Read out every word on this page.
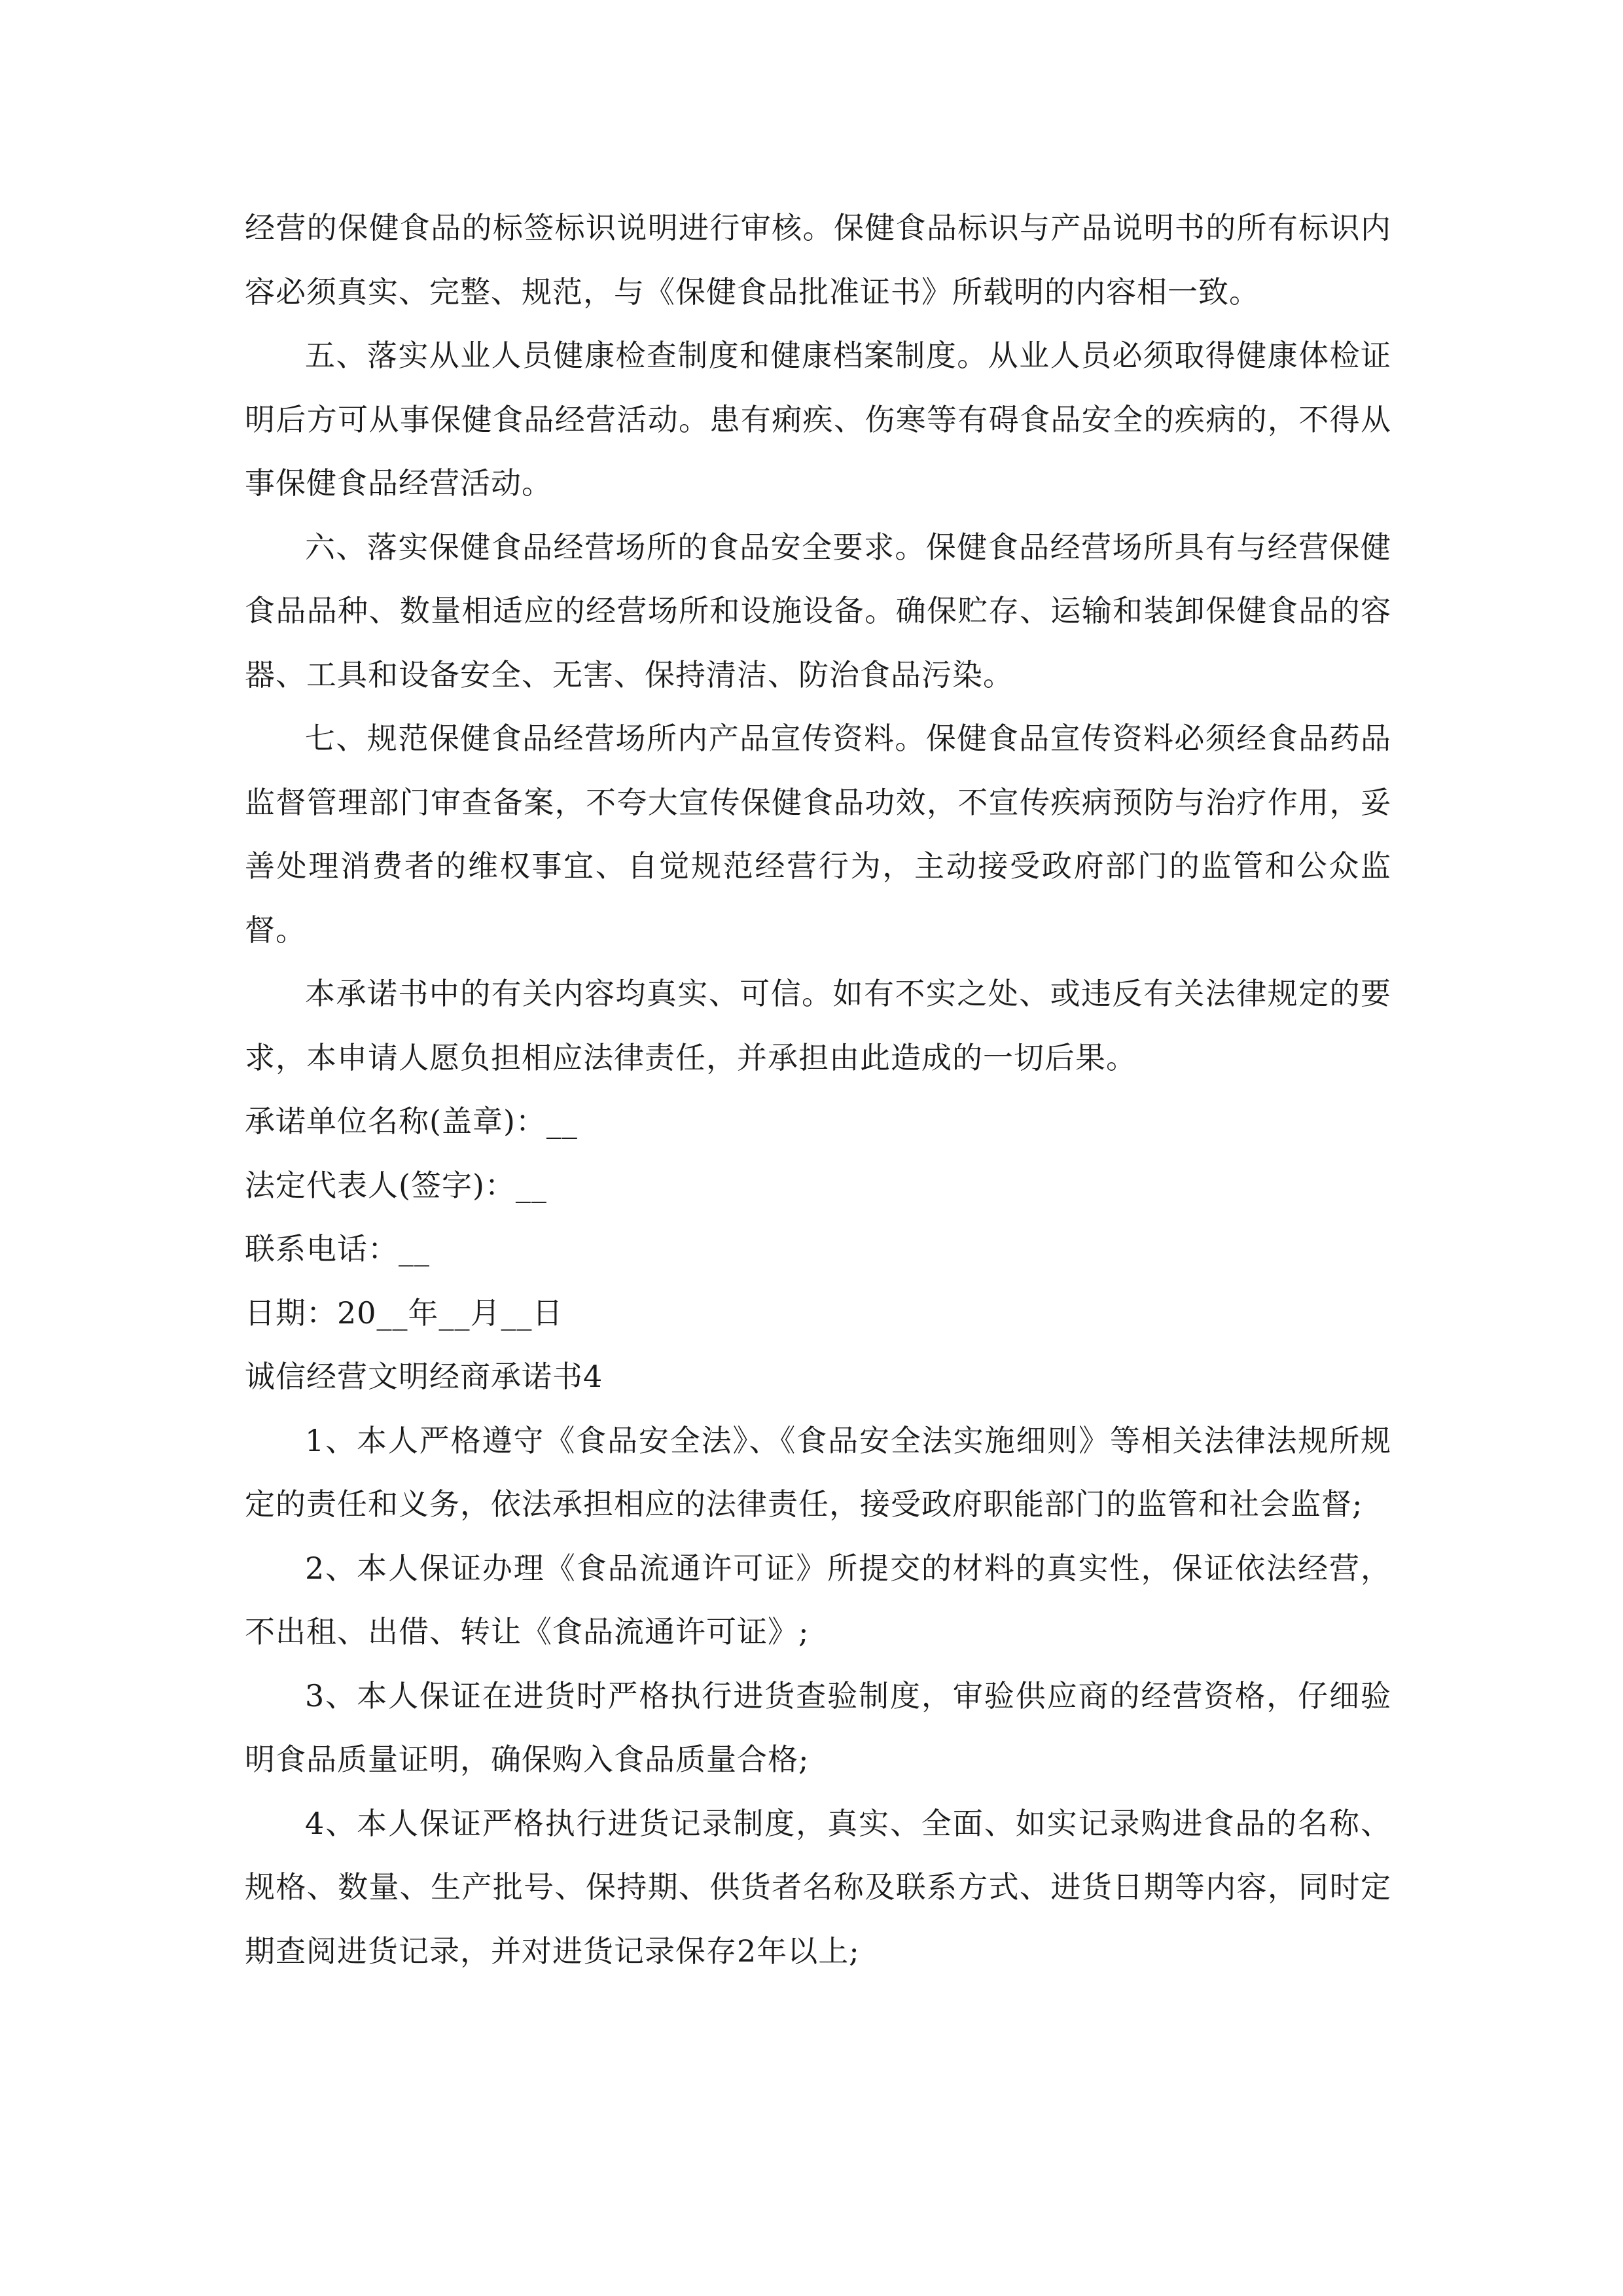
经营的保健食品的标签标识说明进行审核。保健食品标识与产品说明书的所有标识内容必须真实、完整、规范，与《保健食品批准证书》所载明的内容相一致。

五、落实从业人员健康检查制度和健康档案制度。从业人员必须取得健康体检证明后方可从事保健食品经营活动。患有痢疾、伤寒等有碍食品安全的疾病的，不得从事保健食品经营活动。

六、落实保健食品经营场所的食品安全要求。保健食品经营场所具有与经营保健食品品种、数量相适应的经营场所和设施设备。确保贮存、运输和装卸保健食品的容器、工具和设备安全、无害、保持清洁、防治食品污染。

七、规范保健食品经营场所内产品宣传资料。保健食品宣传资料必须经食品药品监督管理部门审查备案，不夸大宣传保健食品功效，不宣传疾病预防与治疗作用，妥善处理消费者的维权事宜、自觉规范经营行为，主动接受政府部门的监管和公众监督。

本承诺书中的有关内容均真实、可信。如有不实之处、或违反有关法律规定的要求，本申请人愿负担相应法律责任，并承担由此造成的一切后果。

承诺单位名称(盖章)：__

法定代表人(签字)：__

联系电话：__

日期：20__年__月__日

诚信经营文明经商承诺书4

1、本人严格遵守《食品安全法》、《食品安全法实施细则》等相关法律法规所规定的责任和义务，依法承担相应的法律责任，接受政府职能部门的监管和社会监督;

2、本人保证办理《食品流通许可证》所提交的材料的真实性，保证依法经营，不出租、出借、转让《食品流通许可证》;

3、本人保证在进货时严格执行进货查验制度，审验供应商的经营资格，仔细验明食品质量证明，确保购入食品质量合格;

4、本人保证严格执行进货记录制度，真实、全面、如实记录购进食品的名称、规格、数量、生产批号、保持期、供货者名称及联系方式、进货日期等内容，同时定期查阅进货记录，并对进货记录保存2年以上;
